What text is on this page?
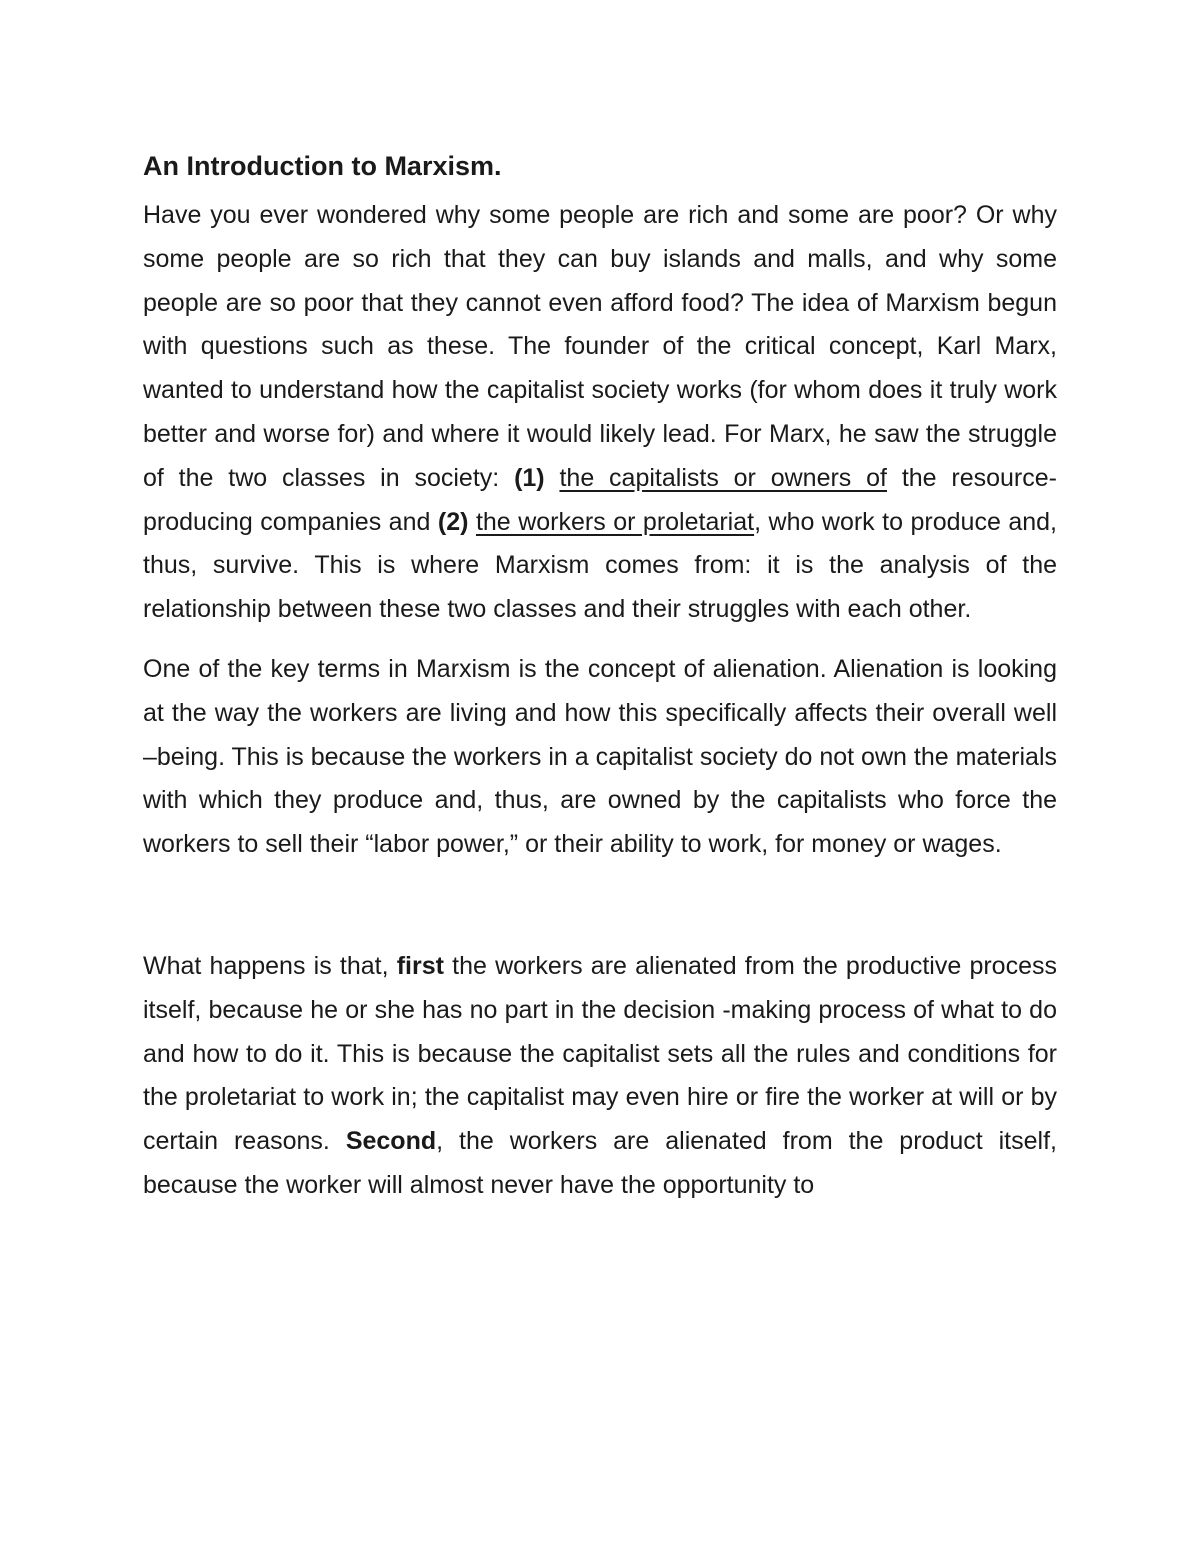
An Introduction to Marxism.

Have you ever wondered why some people are rich and some are poor? Or why some people are so rich that they can buy islands and malls, and why some people are so poor that they cannot even afford food? The idea of Marxism begun with questions such as these. The founder of the critical concept, Karl Marx, wanted to understand how the capitalist society works (for whom does it truly work better and worse for) and where it would likely lead. For Marx, he saw the struggle of the two classes in society: (1) the capitalists or owners of the resource-producing companies and (2) the workers or proletariat, who work to produce and, thus, survive. This is where Marxism comes from: it is the analysis of the relationship between these two classes and their struggles with each other.

One of the key terms in Marxism is the concept of alienation. Alienation is looking at the way the workers are living and how this specifically affects their overall well –being. This is because the workers in a capitalist society do not own the materials with which they produce and, thus, are owned by the capitalists who force the workers to sell their “labor power,” or their ability to work, for money or wages.

What happens is that, first the workers are alienated from the productive process itself, because he or she has no part in the decision -making process of what to do and how to do it. This is because the capitalist sets all the rules and conditions for the proletariat to work in; the capitalist may even hire or fire the worker at will or by certain reasons. Second, the workers are alienated from the product itself, because the worker will almost never have the opportunity to
